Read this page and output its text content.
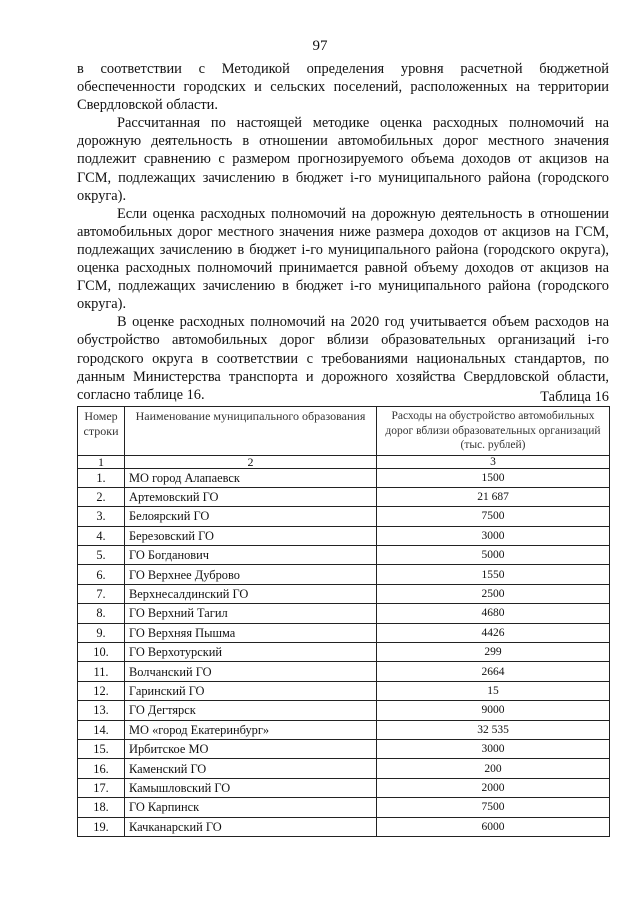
97

в соответствии с Методикой определения уровня расчетной бюджетной обеспеченности городских и сельских поселений, расположенных на территории Свердловской области.

Рассчитанная по настоящей методике оценка расходных полномочий на дорожную деятельность в отношении автомобильных дорог местного значения подлежит сравнению с размером прогнозируемого объема доходов от акцизов на ГСМ, подлежащих зачислению в бюджет i-го муниципального района (городского округа).

Если оценка расходных полномочий на дорожную деятельность в отношении автомобильных дорог местного значения ниже размера доходов от акцизов на ГСМ, подлежащих зачислению в бюджет i-го муниципального района (городского округа), оценка расходных полномочий принимается равной объему доходов от акцизов на ГСМ, подлежащих зачислению в бюджет i-го муниципального района (городского округа).

В оценке расходных полномочий на 2020 год учитывается объем расходов на обустройство автомобильных дорог вблизи образовательных организаций i-го городского округа в соответствии с требованиями национальных стандартов, по данным Министерства транспорта и дорожного хозяйства Свердловской области, согласно таблице 16.	Таблица 16
Номер строки	Наименование муниципального образования	Расходы на обустройство автомобильных дорог вблизи образовательных организаций (тыс. рублей)
1	2	3
1.	МО город Алапаевск	1500
2.	Артемовский ГО	21 687
3.	Белоярский ГО	7500
4.	Березовский ГО	3000
5.	ГО Богданович	5000
6.	ГО Верхнее Дуброво	1550
7.	Верхнесалдинский ГО	2500
8.	ГО Верхний Тагил	4680
9.	ГО Верхняя Пышма	4426
10.	ГО Верхотурский	299
11.	Волчанский ГО	2664
12.	Гаринский ГО	15
13.	ГО Дегтярск	9000
14.	МО «город Екатеринбург»	32 535
15.	Ирбитское МО	3000
16.	Каменский ГО	200
17.	Камышловский ГО	2000
18.	ГО Карпинск	7500
19.	Качканарский ГО	6000
